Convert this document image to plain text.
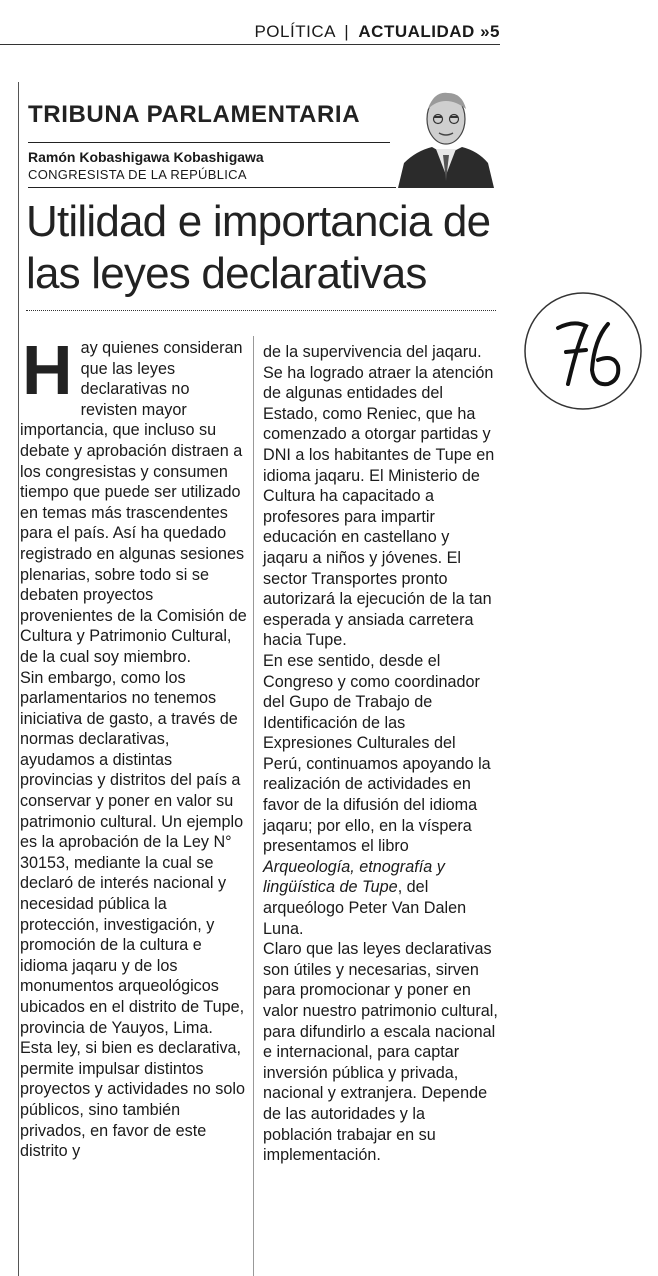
POLÍTICA | ACTUALIDAD »5
TRIBUNA PARLAMENTARIA
Ramón Kobashigawa Kobashigawa
CONGRESISTA DE LA REPÚBLICA
Utilidad e importancia de las leyes declarativas
H ay quienes consideran que las leyes declarativas no revisten mayor importancia, que incluso su debate y aprobación distraen a los congresistas y consumen tiempo que puede ser utilizado en temas más trascendentes para el país. Así ha quedado registrado en algunas sesiones plenarias, sobre todo si se debaten proyectos provenientes de la Comisión de Cultura y Patrimonio Cultural, de la cual soy miembro.

Sin embargo, como los parlamentarios no tenemos iniciativa de gasto, a través de normas declarativas, ayudamos a distintas provincias y distritos del país a conservar y poner en valor su patrimonio cultural. Un ejemplo es la aprobación de la Ley N° 30153, mediante la cual se declaró de interés nacional y necesidad pública la protección, investigación, y promoción de la cultura e idioma jaqaru y de los monumentos arqueológicos ubicados en el distrito de Tupe, provincia de Yauyos, Lima.

Esta ley, si bien es declarativa, permite impulsar distintos proyectos y actividades no solo públicos, sino también privados, en favor de este distrito y

de la supervivencia del jaqaru. Se ha logrado atraer la atención de algunas entidades del Estado, como Reniec, que ha comenzado a otorgar partidas y DNI a los habitantes de Tupe en idioma jaqaru. El Ministerio de Cultura ha capacitado a profesores para impartir educación en castellano y jaqaru a niños y jóvenes. El sector Transportes pronto autorizará la ejecución de la tan esperada y ansiada carretera hacia Tupe.

En ese sentido, desde el Congreso y como coordinador del Gupo de Trabajo de Identificación de las Expresiones Culturales del Perú, continuamos apoyando la realización de actividades en favor de la difusión del idioma jaqaru; por ello, en la víspera presentamos el libro Arqueología, etnografía y lingüística de Tupe, del arqueólogo Peter Van Dalen Luna.

Claro que las leyes declarativas son útiles y necesarias, sirven para promocionar y poner en valor nuestro patrimonio cultural, para difundirlo a escala nacional e internacional, para captar inversión pública y privada, nacional y extranjera. Depende de las autoridades y la población trabajar en su implementación.
